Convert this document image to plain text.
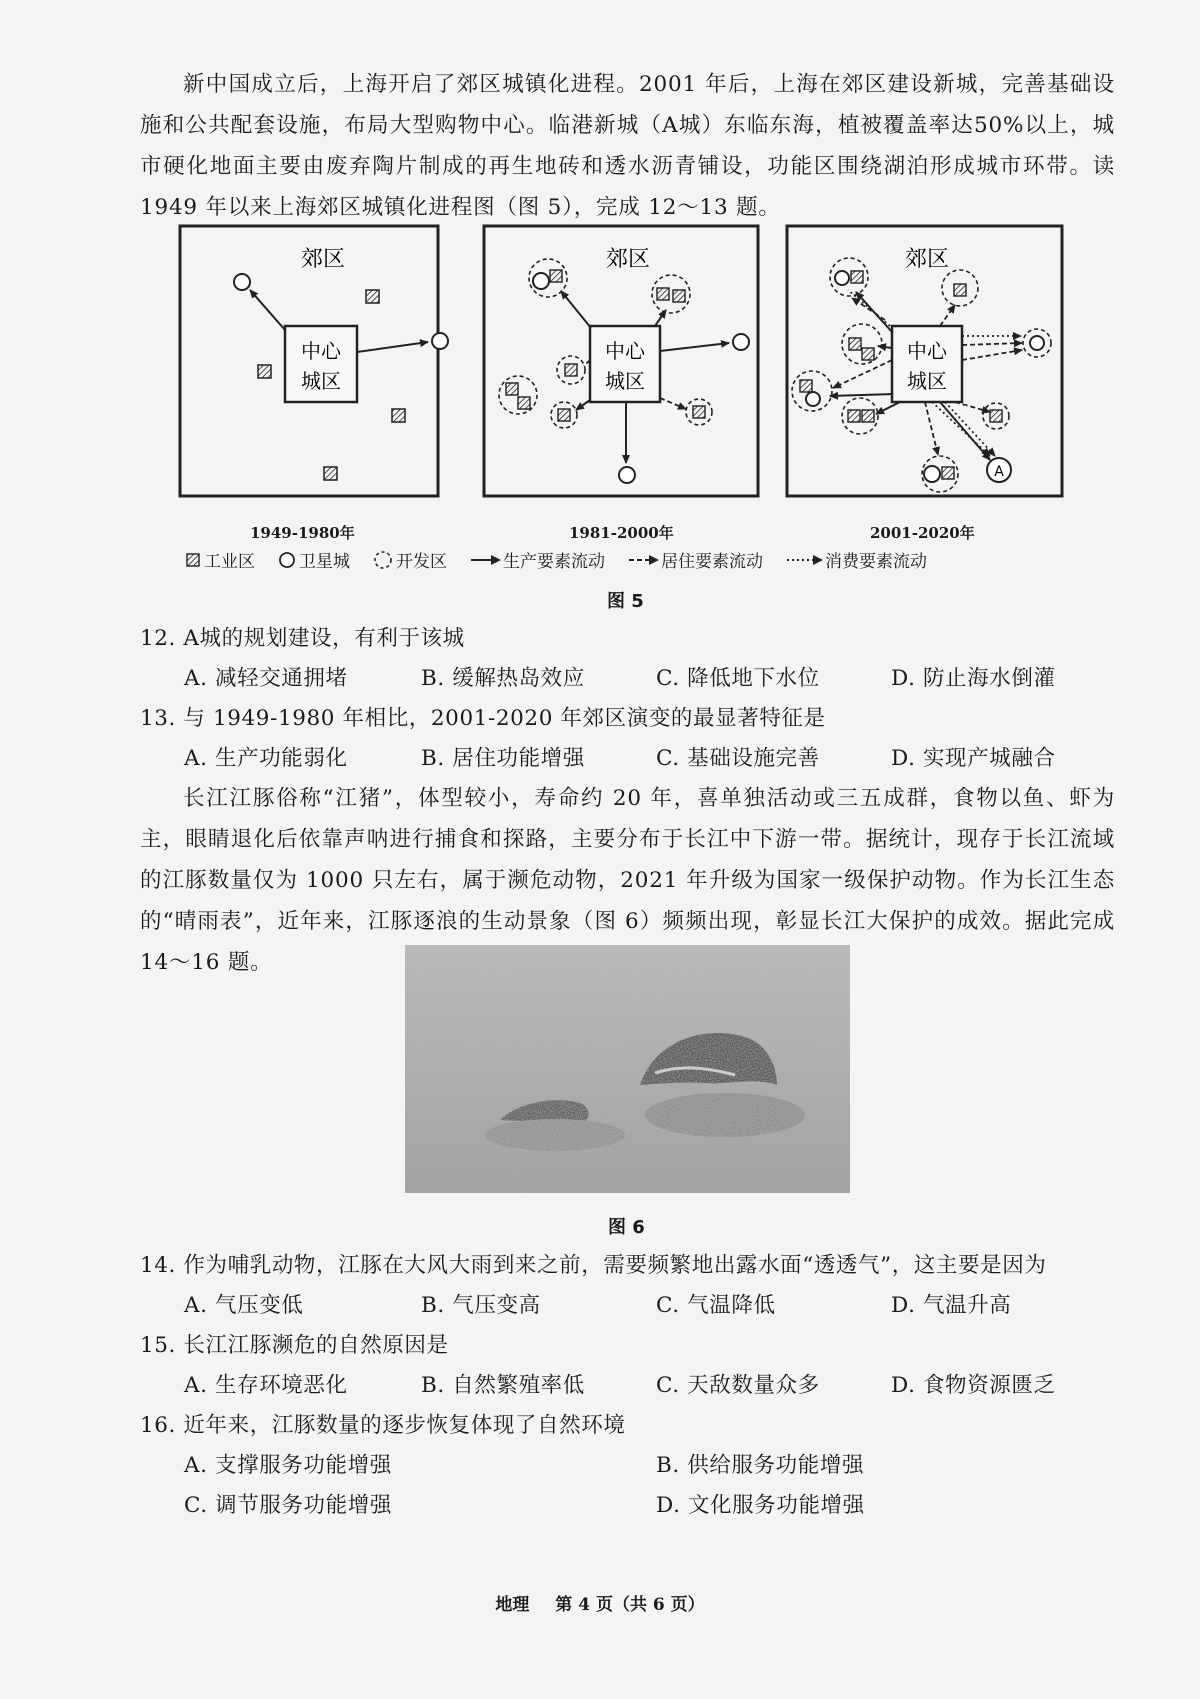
新中国成立后，上海开启了郊区城镇化进程。2001 年后，上海在郊区建设新城，完善基础设施和公共配套设施，布局大型购物中心。临港新城（A城）东临东海，植被覆盖率达50%以上，城市硬化地面主要由废弃陶片制成的再生地砖和透水沥青铺设，功能区围绕湖泊形成城市环带。读 1949 年以来上海郊区城镇化进程图（图 5），完成 12～13 题。

郊区
中心
城区
郊区
中心
城区
郊区
中心
城区
A
1949-1980年	1981-2000年	2001-2020年
工业区	卫星城	开发区	生产要素流动	居住要素流动	消费要素流动
图 5
12. A城的规划建设，有利于该城
A. 减轻交通拥堵	B. 缓解热岛效应	C. 降低地下水位	D. 防止海水倒灌
13. 与 1949-1980 年相比，2001-2020 年郊区演变的最显著特征是
A. 生产功能弱化	B. 居住功能增强	C. 基础设施完善	D. 实现产城融合

长江江豚俗称“江猪”，体型较小，寿命约 20 年，喜单独活动或三五成群，食物以鱼、虾为主，眼睛退化后依靠声呐进行捕食和探路，主要分布于长江中下游一带。据统计，现存于长江流域的江豚数量仅为 1000 只左右，属于濒危动物，2021 年升级为国家一级保护动物。作为长江生态的“晴雨表”，近年来，江豚逐浪的生动景象（图 6）频频出现，彰显长江大保护的成效。据此完成 14～16 题。

图 6
14. 作为哺乳动物，江豚在大风大雨到来之前，需要频繁地出露水面“透透气”，这主要是因为
A. 气压变低	B. 气压变高	C. 气温降低	D. 气温升高
15. 长江江豚濒危的自然原因是
A. 生存环境恶化	B. 自然繁殖率低	C. 天敌数量众多	D. 食物资源匮乏
16. 近年来，江豚数量的逐步恢复体现了自然环境
A. 支撑服务功能增强	B. 供给服务功能增强
C. 调节服务功能增强	D. 文化服务功能增强
地理 第 4 页（共 6 页）
